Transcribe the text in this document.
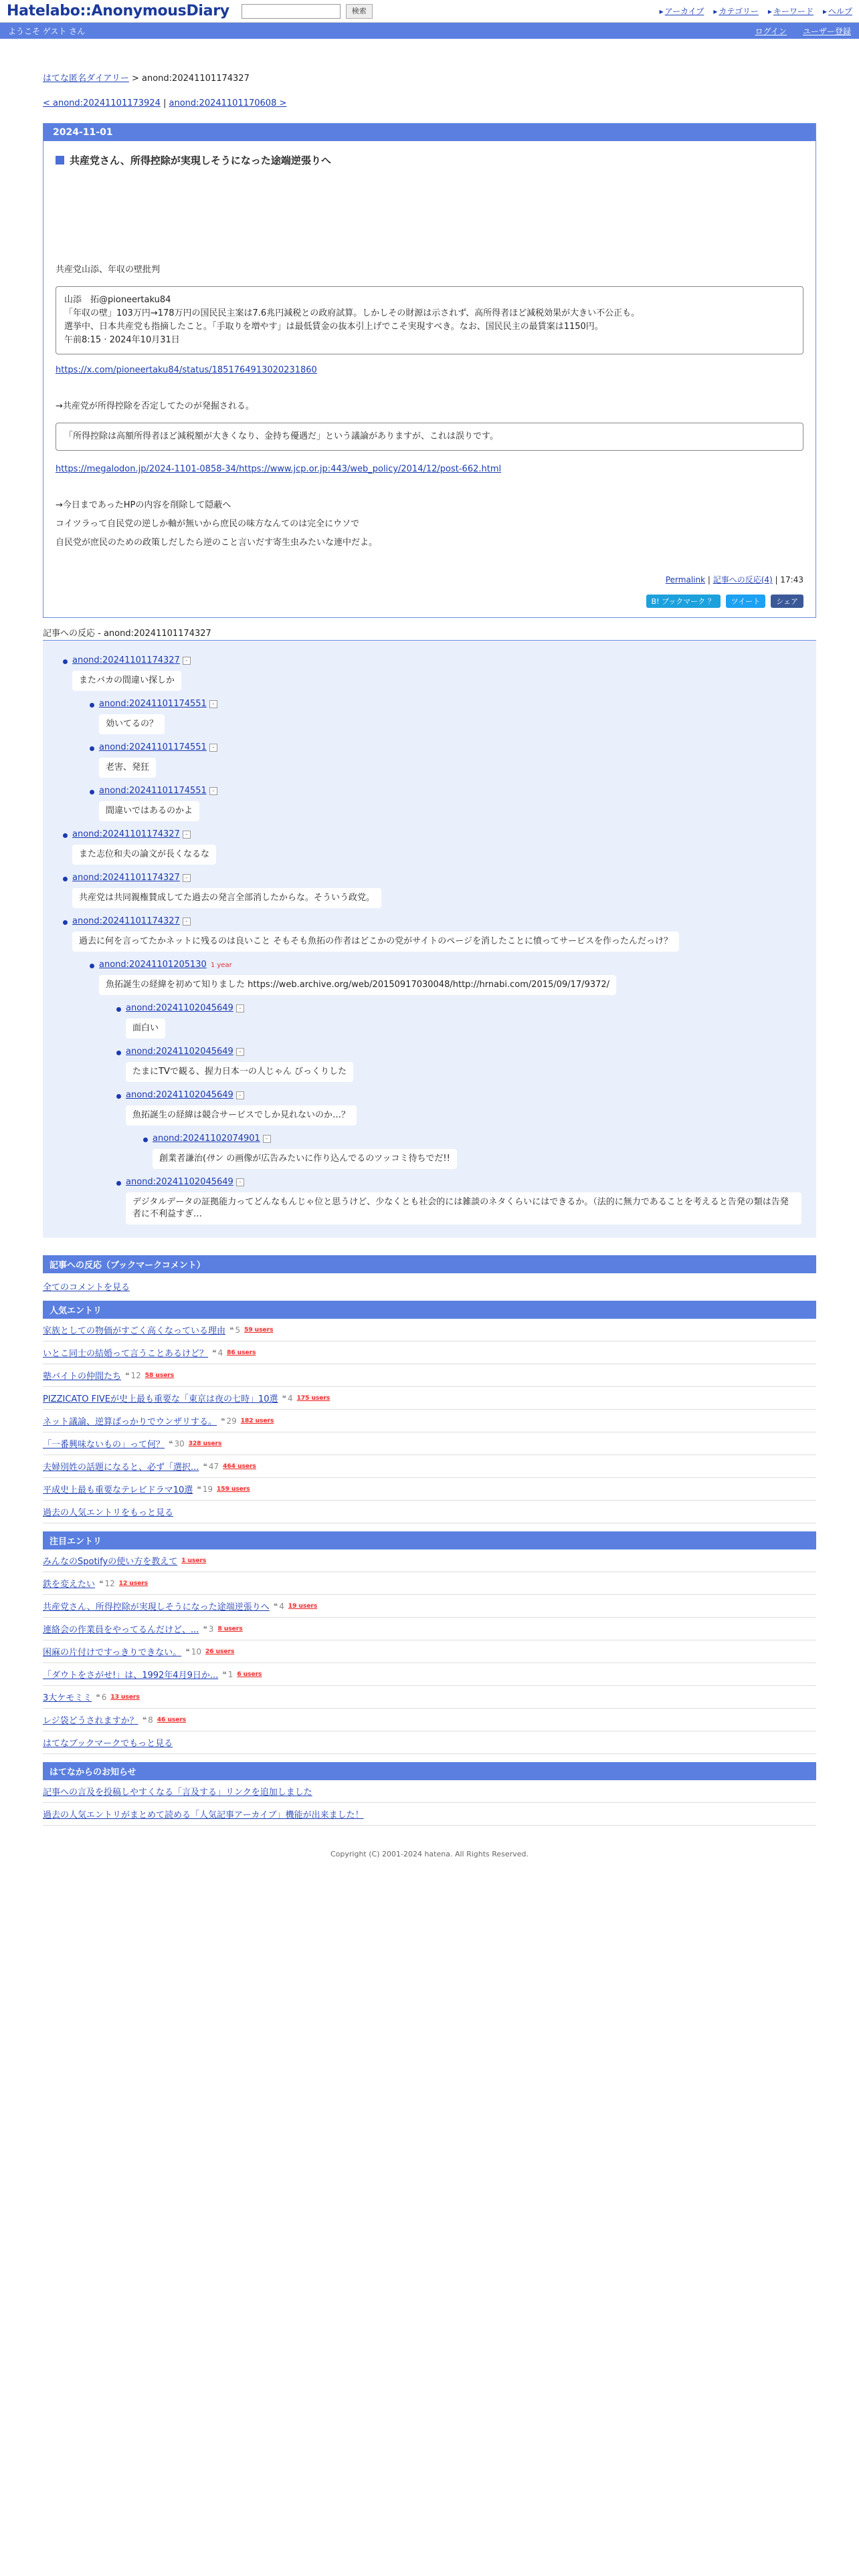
Hatelabo::AnonymousDiary	検索	▸ アーカイブ	▸ カテゴリー	▸ キーワード	▸ ヘルプ
ようこそ ゲスト さん	ログイン ユーザー登録
はてな匿名ダイアリー > anond:20241101174327
< anond:20241101173924 | anond:20241101170608 >
2024-11-01
共産党さん、所得控除が実現しそうになった途端逆張りへ
共産党山添、年収の壁批判
山添　拓@pioneertaku84
「年収の壁」103万円→178万円の国民民主案は7.6兆円減税との政府試算。しかしその財源は示されず、高所得者ほど減税効果が大きい不公正も。
選挙中、日本共産党も指摘したこと。「手取りを増やす」は最低賃金の抜本引上げでこそ実現すべき。なお、国民民主の最賃案は1150円。
午前8:15 · 2024年10月31日
https://x.com/pioneertaku84/status/1851764913020231860
→共産党が所得控除を否定してたのが発掘される。
「所得控除は高額所得者ほど減税額が大きくなり、金持ち優遇だ」という議論がありますが、これは誤りです。
https://megalodon.jp/2024-1101-0858-34/https://www.jcp.or.jp:443/web_policy/2014/12/post-662.html
→今日まであったHPの内容を削除して隠蔽へ
コイツラって自民党の逆しか軸が無いから庶民の味方なんてのは完全にウソで
自民党が庶民のための政策しだしたら逆のこと言いだす寄生虫みたいな連中だよ。
Permalink | 記事への反応(4) | 17:43
B! ブックマーク ？	ツイート	シェア
記事への反応 - anond:20241101174327
anond:20241101174327 -
またバカの間違い探しか
anond:20241101174551 -
効いてるの？
anond:20241101174551 -
老害、発狂
anond:20241101174551 -
間違いではあるのかよ
anond:20241101174327 -
また志位和夫の論文が長くなるな
anond:20241101174327 -
共産党は共同親権賛成してた過去の発言全部消したからな。そういう政党。
anond:20241101174327 -
過去に何を言ってたかネットに残るのは良いこと そもそも魚拓の作者はどこかの党がサイトのページを消したことに憤ってサービスを作ったんだっけ？
anond:20241101205130 1 year
魚拓誕生の経緯を初めて知りました https://web.archive.org/web/20150917030048/http://hrnabi.com/2015/09/17/9372/
anond:20241102045649 -
面白い
anond:20241102045649 -
たまにTVで観る、握力日本一の人じゃん びっくりした
anond:20241102045649 -
魚拓誕生の経緯は競合サービスでしか見れないのか…？
anond:20241102074901 -
創業者謙治(ｲｻン の画像が広告みたいに作り込んでるのツッコミ待ちでだ!!
anond:20241102045649 -
デジタルデータの証拠能力ってどんなもんじゃ位と思うけど、少なくとも社会的には雑談のネタくらいにはできるか。（法的に無力であることを考えると告発の類は告発者に不利益すぎ…
記事への反応（ブックマークコメント）
全てのコメントを見る
人気エントリ
家族としての物価がすごく高くなっている理由	❝ 5 59 users
いとこ同士の結婚って言うことあるけど？	❝ 4 86 users
塾バイトの仲間たち	❝ 12 58 users
PIZZICATO FIVEが史上最も重要な「東京は夜の七時」10選	❝ 4 175 users
ネット議論、逆算ばっかりでウンザリする。	❝ 29 182 users
「一番興味ないもの」って何？	❝ 30 328 users
夫婦別姓の話題になると、必ず「選択...	❝ 47 464 users
平成史上最も重要なテレビドラマ10選	❝ 19 159 users
過去の人気エントリをもっと見る
注目エントリ
みんなのSpotifyの使い方を教えて 1 users
鉄を変えたい	❝ 12 12 users
共産党さん、所得控除が実現しそうになった途端逆張りへ	❝ 4 19 users
連絡会の作業員をやってるんだけど、...	❝ 3 8 users
困麻の片付けですっきりできない。	❝ 10 26 users
「ダウトをさがせ!」は、1992年4月9日か...	❝ 1 6 users
3大ケモミミ	❝ 6 13 users
レジ袋どうされますか？	❝ 8 46 users
はてなブックマークでもっと見る
はてなからのお知らせ
記事への言及を投稿しやすくなる「言及する」リンクを追加しました
過去の人気エントリがまとめて読める「人気記事アーカイブ」機能が出来ました！
Copyright (C) 2001-2024 hatena. All Rights Reserved.
